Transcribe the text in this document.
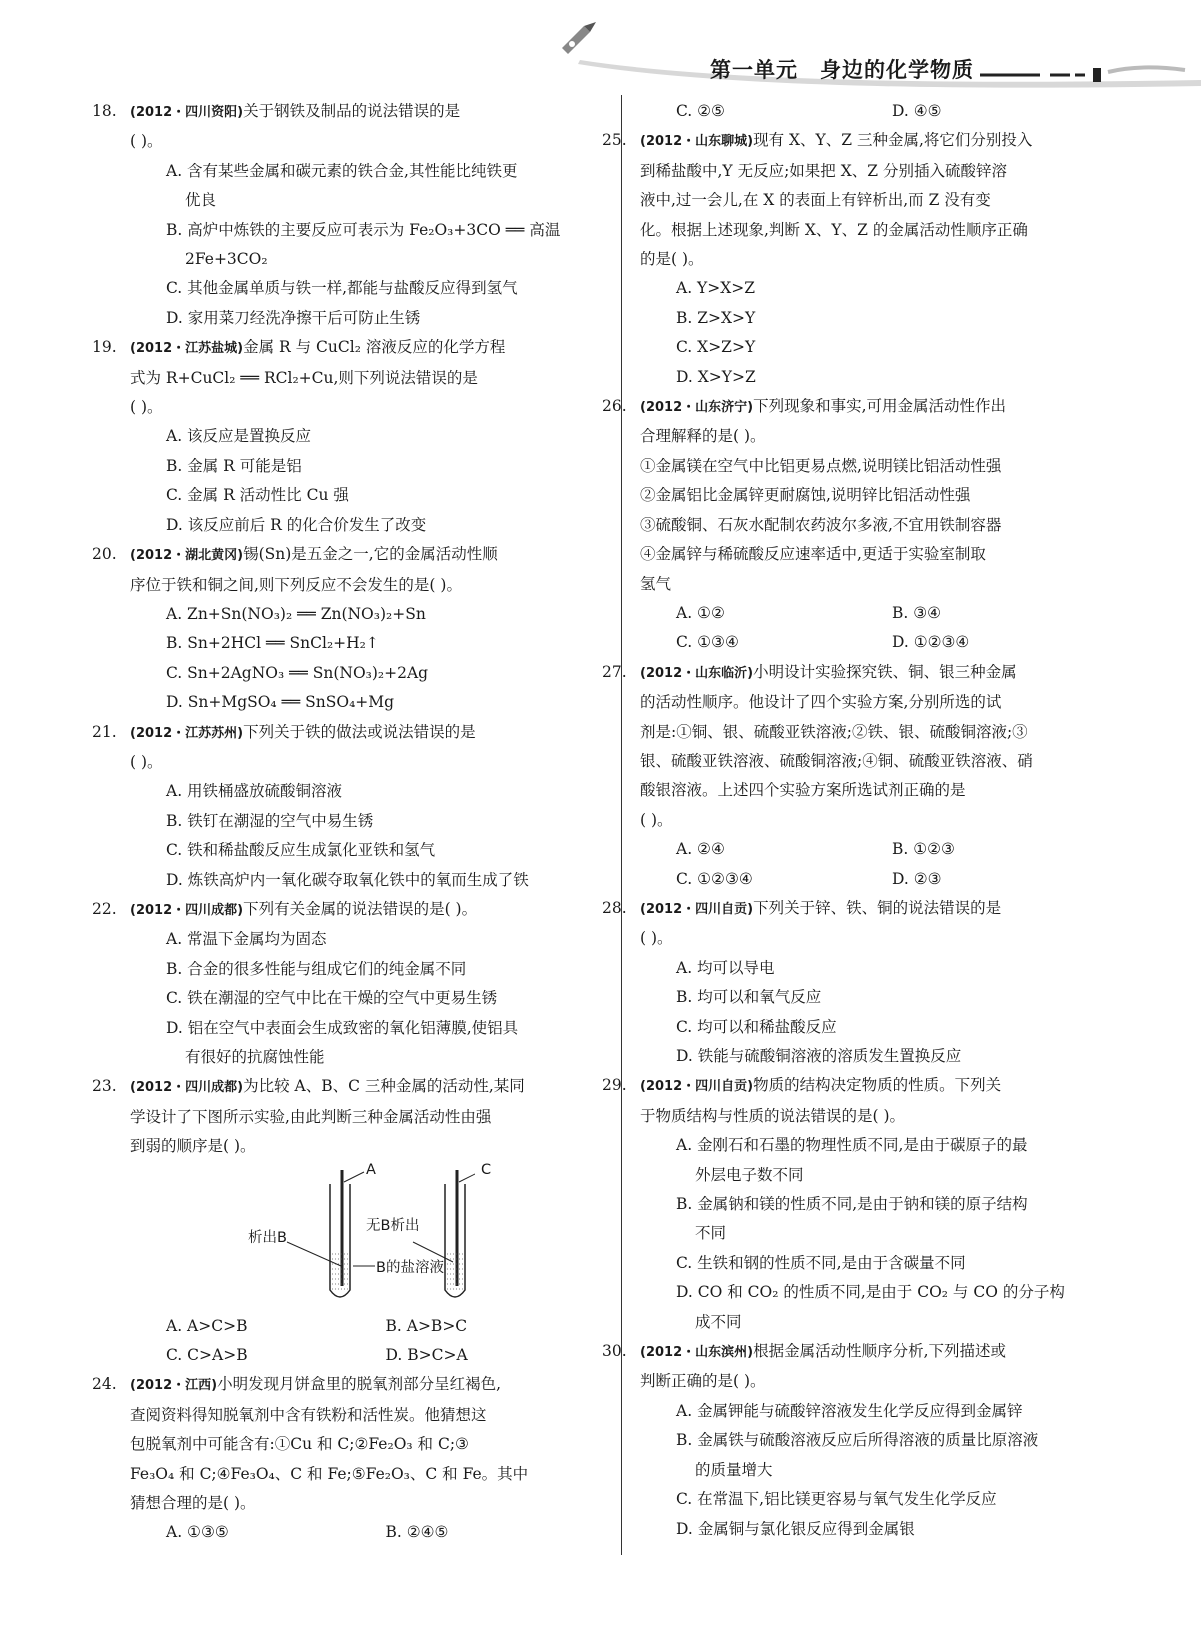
第一单元 身边的化学物质
18. (2012・四川资阳)关于钢铁及制品的说法错误的是
( )。
A. 含有某些金属和碳元素的铁合金,其性能比纯铁更
优良
B. 高炉中炼铁的主要反应可表示为 Fe₂O₃+3CO ══ 高温
2Fe+3CO₂
C. 其他金属单质与铁一样,都能与盐酸反应得到氢气
D. 家用菜刀经洗净擦干后可防止生锈
19. (2012・江苏盐城)金属 R 与 CuCl₂ 溶液反应的化学方程
式为 R+CuCl₂ ══ RCl₂+Cu,则下列说法错误的是
( )。
A. 该反应是置换反应
B. 金属 R 可能是铝
C. 金属 R 活动性比 Cu 强
D. 该反应前后 R 的化合价发生了改变
20. (2012・湖北黄冈)锡(Sn)是五金之一,它的金属活动性顺
序位于铁和铜之间,则下列反应不会发生的是( )。
A. Zn+Sn(NO₃)₂ ══ Zn(NO₃)₂+Sn
B. Sn+2HCl ══ SnCl₂+H₂↑
C. Sn+2AgNO₃ ══ Sn(NO₃)₂+2Ag
D. Sn+MgSO₄ ══ SnSO₄+Mg
21. (2012・江苏苏州)下列关于铁的做法或说法错误的是
( )。
A. 用铁桶盛放硫酸铜溶液
B. 铁钉在潮湿的空气中易生锈
C. 铁和稀盐酸反应生成氯化亚铁和氢气
D. 炼铁高炉内一氧化碳夺取氧化铁中的氧而生成了铁
22. (2012・四川成都)下列有关金属的说法错误的是( )。
A. 常温下金属均为固态
B. 合金的很多性能与组成它们的纯金属不同
C. 铁在潮湿的空气中比在干燥的空气中更易生锈
D. 铝在空气中表面会生成致密的氧化铝薄膜,使铝具
有很好的抗腐蚀性能
23. (2012・四川成都)为比较 A、B、C 三种金属的活动性,某同
学设计了下图所示实验,由此判断三种金属活动性由强
到弱的顺序是( )。
A	C
析出B
无B析出
B的盐溶液
A. A>C>B	B. A>B>C
C. C>A>B	D. B>C>A
24. (2012・江西)小明发现月饼盒里的脱氧剂部分呈红褐色,
查阅资料得知脱氧剂中含有铁粉和活性炭。他猜想这
包脱氧剂中可能含有:①Cu 和 C;②Fe₂O₃ 和 C;③
Fe₃O₄ 和 C;④Fe₃O₄、C 和 Fe;⑤Fe₂O₃、C 和 Fe。其中
猜想合理的是( )。
A. ①③⑤	B. ②④⑤
C. ②⑤	D. ④⑤
25. (2012・山东聊城)现有 X、Y、Z 三种金属,将它们分别投入
到稀盐酸中,Y 无反应;如果把 X、Z 分别插入硫酸锌溶
液中,过一会儿,在 X 的表面上有锌析出,而 Z 没有变
化。根据上述现象,判断 X、Y、Z 的金属活动性顺序正确
的是( )。
A. Y>X>Z
B. Z>X>Y
C. X>Z>Y
D. X>Y>Z
26. (2012・山东济宁)下列现象和事实,可用金属活动性作出
合理解释的是( )。
①金属镁在空气中比铝更易点燃,说明镁比铝活动性强
②金属铝比金属锌更耐腐蚀,说明锌比铝活动性强
③硫酸铜、石灰水配制农药波尔多液,不宜用铁制容器
④金属锌与稀硫酸反应速率适中,更适于实验室制取
氢气
A. ①②	B. ③④
C. ①③④	D. ①②③④
27. (2012・山东临沂)小明设计实验探究铁、铜、银三种金属
的活动性顺序。他设计了四个实验方案,分别所选的试
剂是:①铜、银、硫酸亚铁溶液;②铁、银、硫酸铜溶液;③
银、硫酸亚铁溶液、硫酸铜溶液;④铜、硫酸亚铁溶液、硝
酸银溶液。上述四个实验方案所选试剂正确的是
( )。
A. ②④	B. ①②③
C. ①②③④	D. ②③
28. (2012・四川自贡)下列关于锌、铁、铜的说法错误的是
( )。
A. 均可以导电
B. 均可以和氧气反应
C. 均可以和稀盐酸反应
D. 铁能与硫酸铜溶液的溶质发生置换反应
29. (2012・四川自贡)物质的结构决定物质的性质。下列关
于物质结构与性质的说法错误的是( )。
A. 金刚石和石墨的物理性质不同,是由于碳原子的最
外层电子数不同
B. 金属钠和镁的性质不同,是由于钠和镁的原子结构
不同
C. 生铁和钢的性质不同,是由于含碳量不同
D. CO 和 CO₂ 的性质不同,是由于 CO₂ 与 CO 的分子构
成不同
30. (2012・山东滨州)根据金属活动性顺序分析,下列描述或
判断正确的是( )。
A. 金属钾能与硫酸锌溶液发生化学反应得到金属锌
B. 金属铁与硫酸溶液反应后所得溶液的质量比原溶液
的质量增大
C. 在常温下,铝比镁更容易与氧气发生化学反应
D. 金属铜与氯化银反应得到金属银
